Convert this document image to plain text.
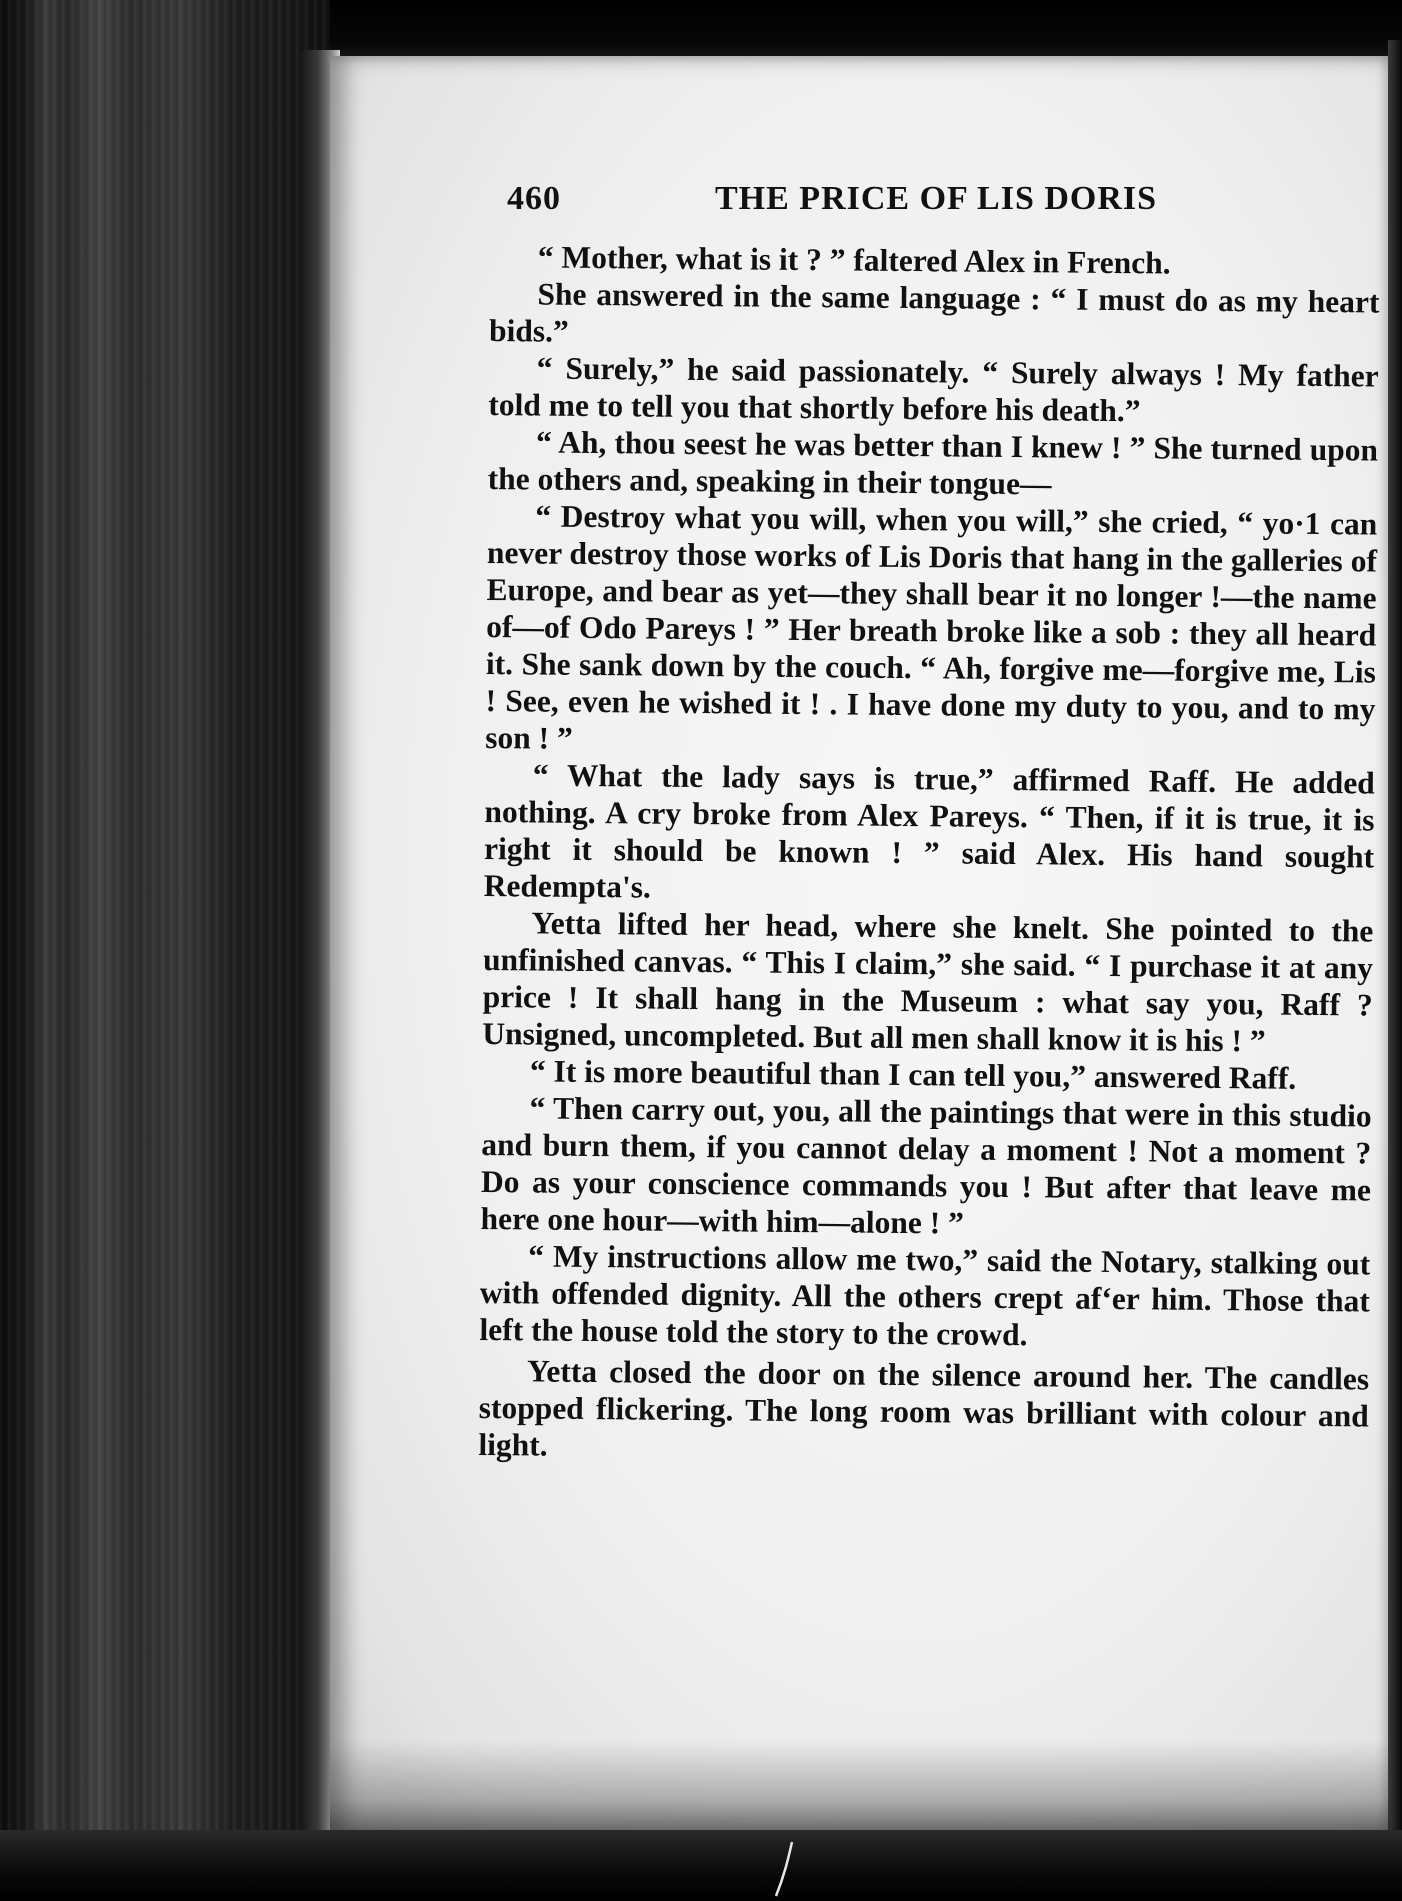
460	THE PRICE OF LIS DORIS

“ Mother, what is it ? ” faltered Alex in French.

She answered in the same language : “ I must do as my heart bids.”

“ Surely,” he said passionately. “ Surely always ! My father told me to tell you that shortly before his death.”

“ Ah, thou seest he was better than I knew ! ” She turned upon the others and, speaking in their tongue—

“ Destroy what you will, when you will,” she cried, “ yo·1 can never destroy those works of Lis Doris that hang in the galleries of Europe, and bear as yet—they shall bear it no longer !—the name of—of Odo Pareys ! ” Her breath broke like a sob : they all heard it. She sank down by the couch. “ Ah, forgive me—forgive me, Lis ! See, even he wished it ! . I have done my duty to you, and to my son ! ”

“ What the lady says is true,” affirmed Raff. He added nothing. A cry broke from Alex Pareys. “ Then, if it is true, it is right it should be known ! ” said Alex. His hand sought Redempta's.

Yetta lifted her head, where shе knelt. She pointed to the unfinished canvas. “ This I claim,” she said. “ I purchase it at any price ! It shall hang in the Museum : what say you, Raff ? Unsigned, uncompleted. But all men shall know it is his ! ”

“ It is more beautiful than I can tell you,” answered Raff.

“ Then carry out, you, all the paintings that were in this studio and burn them, if you cannot delay a moment ! Not a moment ? Do as your conscience commands you ! But after that leave me here one hour—with him—alone ! ”

“ My instructions allow me two,” said the Notary, stalking out with offended dignity. All the others crept af‘er him. Those that left the house told the story to the crowd.

Yetta closed the door on the silence around her. The candles stopped flickering. The long room was brilliant with colour and light.
